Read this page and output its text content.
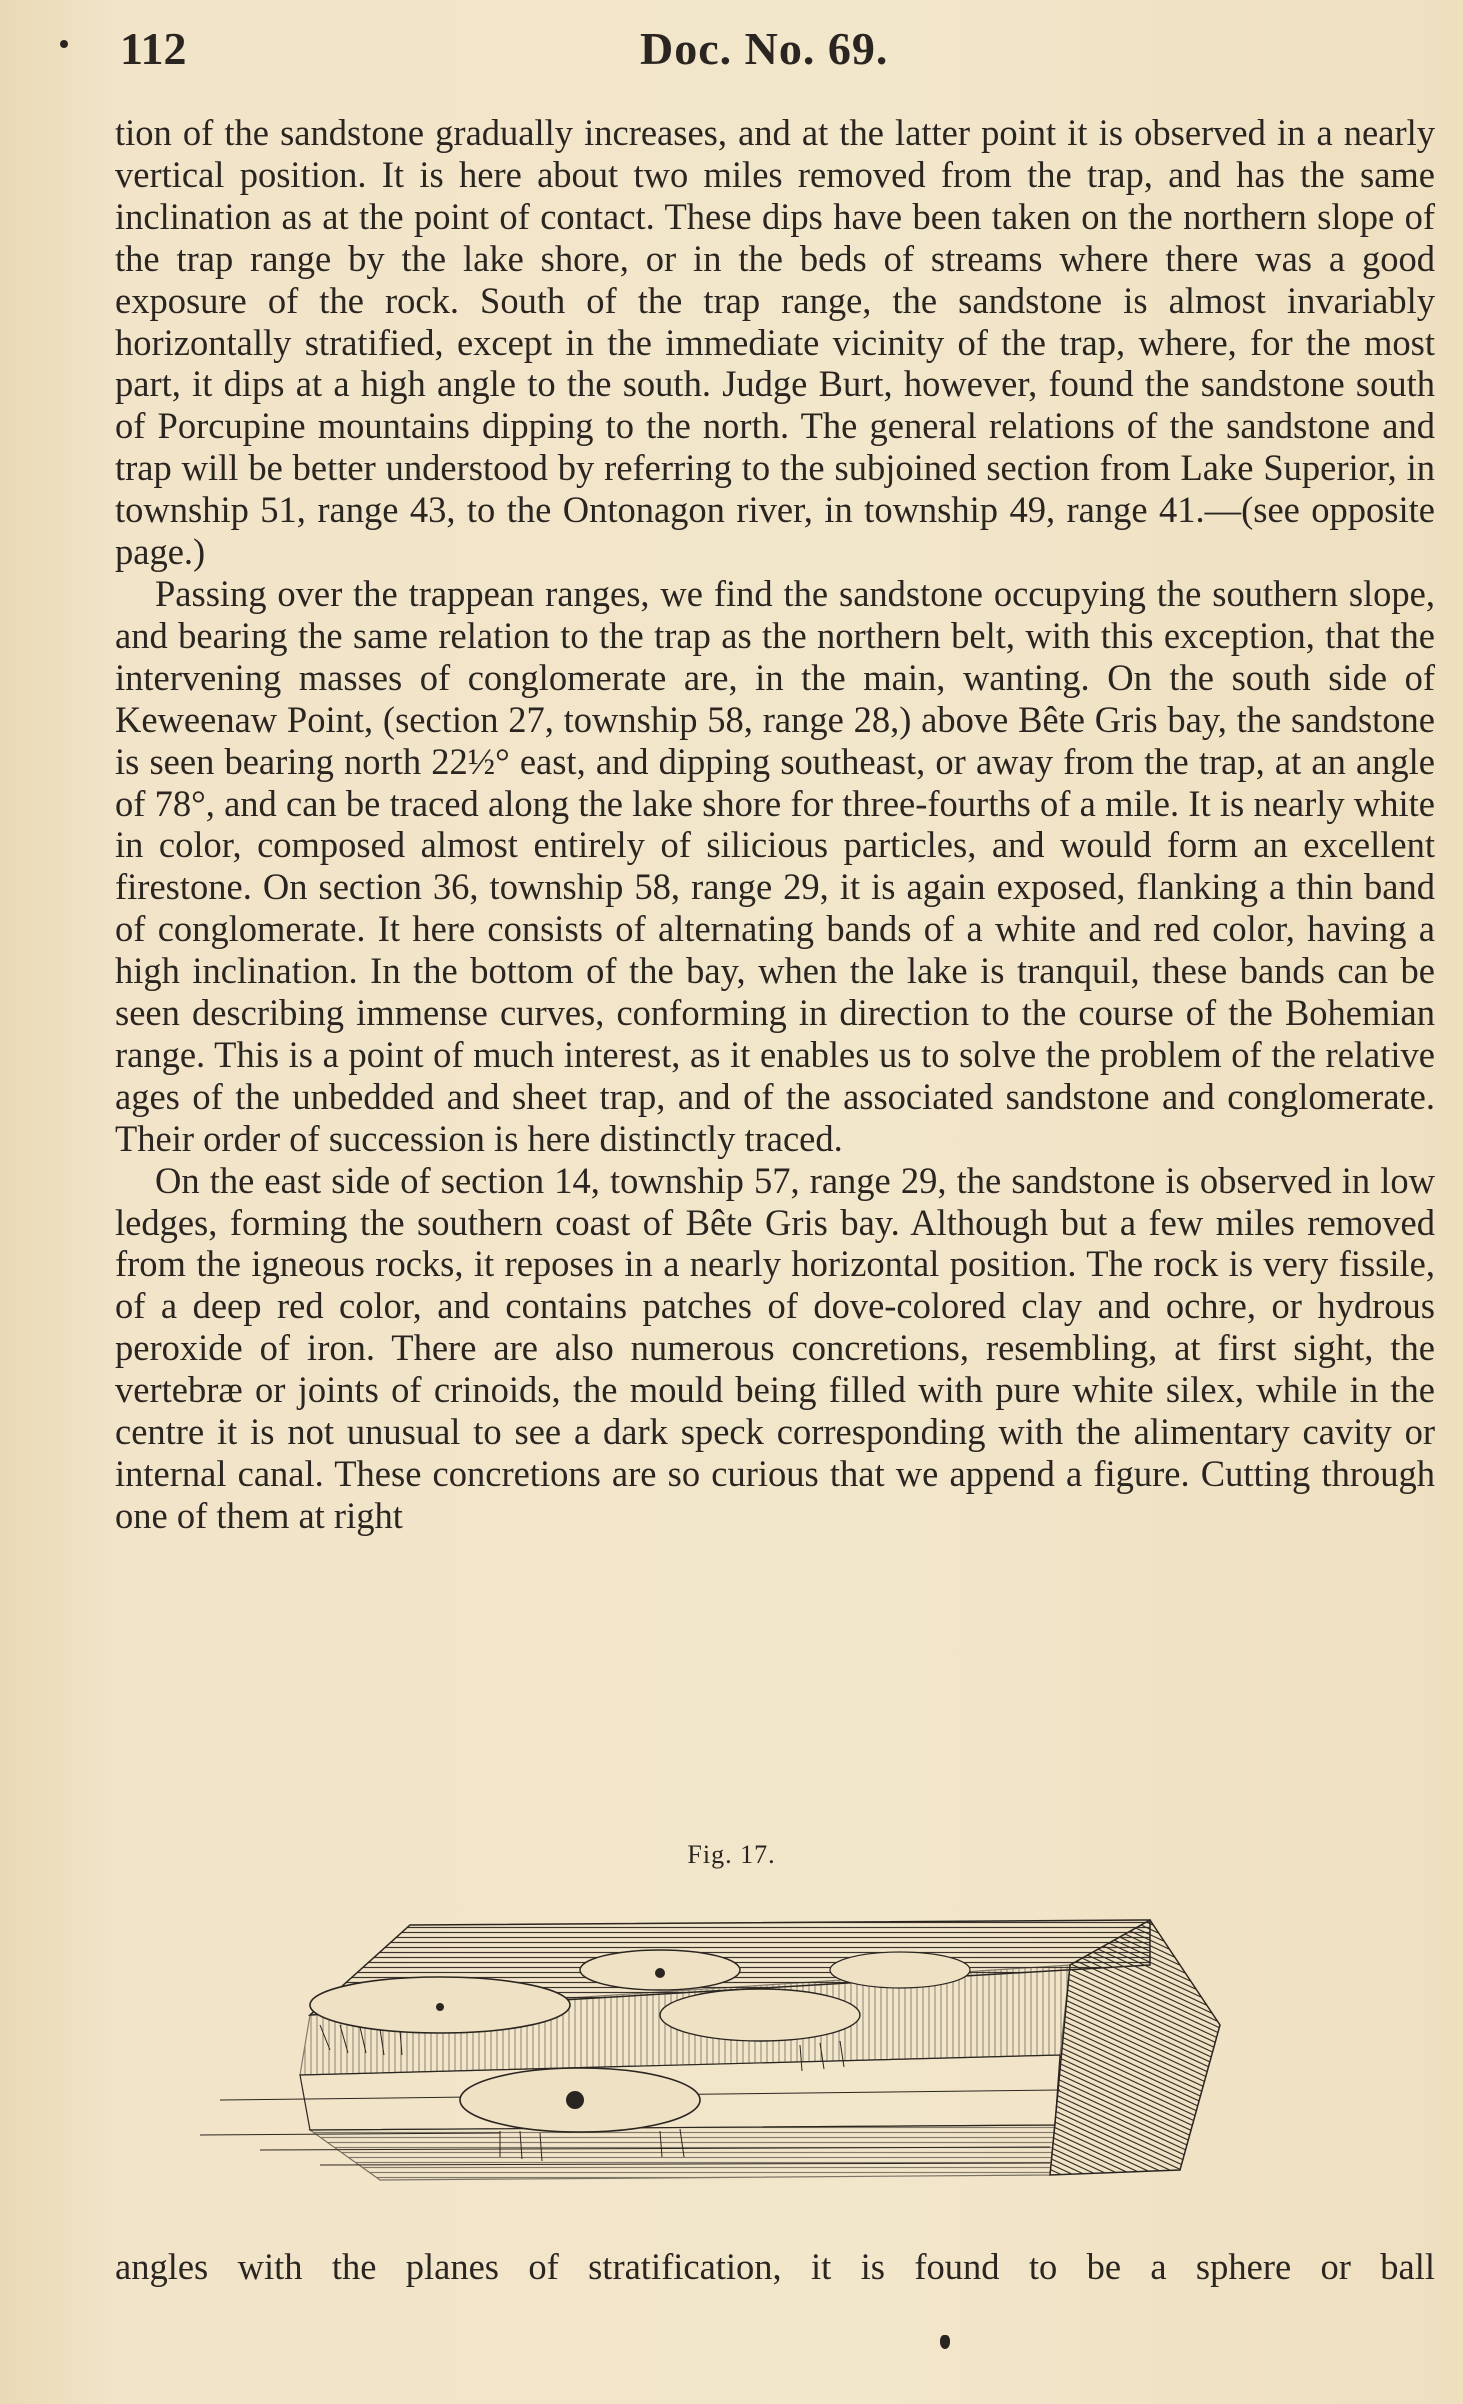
112	Doc. No. 69.

tion of the sandstone gradually increases, and at the latter point it is observed in a nearly vertical position. It is here about two miles removed from the trap, and has the same inclination as at the point of contact. These dips have been taken on the northern slope of the trap range by the lake shore, or in the beds of streams where there was a good exposure of the rock. South of the trap range, the sandstone is almost invariably horizontally stratified, except in the immediate vicinity of the trap, where, for the most part, it dips at a high angle to the south. Judge Burt, however, found the sandstone south of Porcupine mountains dipping to the north. The general relations of the sandstone and trap will be better understood by referring to the subjoined section from Lake Superior, in township 51, range 43, to the Ontonagon river, in township 49, range 41.—(see opposite page.)

Passing over the trappean ranges, we find the sandstone occupying the southern slope, and bearing the same relation to the trap as the northern belt, with this exception, that the intervening masses of conglomerate are, in the main, wanting. On the south side of Keweenaw Point, (section 27, township 58, range 28,) above Bête Gris bay, the sandstone is seen bearing north 22½° east, and dipping southeast, or away from the trap, at an angle of 78°, and can be traced along the lake shore for three-fourths of a mile. It is nearly white in color, composed almost entirely of silicious particles, and would form an excellent firestone. On section 36, township 58, range 29, it is again exposed, flanking a thin band of conglomerate. It here consists of alternating bands of a white and red color, having a high inclination. In the bottom of the bay, when the lake is tranquil, these bands can be seen describing immense curves, conforming in direction to the course of the Bohemian range. This is a point of much interest, as it enables us to solve the problem of the relative ages of the unbedded and sheet trap, and of the associated sandstone and conglomerate. Their order of succession is here distinctly traced.

On the east side of section 14, township 57, range 29, the sandstone is observed in low ledges, forming the southern coast of Bête Gris bay. Although but a few miles removed from the igneous rocks, it reposes in a nearly horizontal position. The rock is very fissile, of a deep red color, and contains patches of dove-colored clay and ochre, or hydrous peroxide of iron. There are also numerous concretions, resembling, at first sight, the vertebræ or joints of crinoids, the mould being filled with pure white silex, while in the centre it is not unusual to see a dark speck corresponding with the alimentary cavity or internal canal. These concretions are so curious that we append a figure. Cutting through one of them at right

Fig. 17.
angles with the planes of stratification, it is found to be a sphere or ball
